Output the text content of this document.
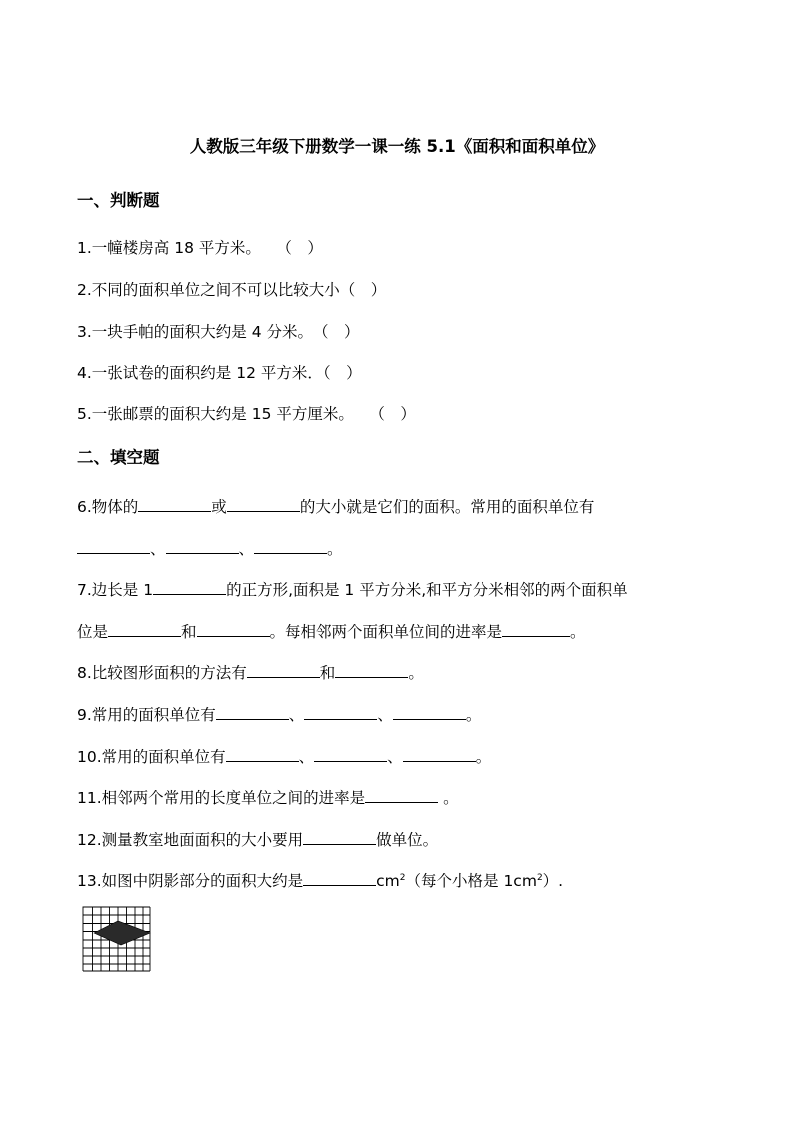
人教版三年级下册数学一课一练 5.1《面积和面积单位》
一、判断题
1.一幢楼房高 18 平方米。　　（　）
2.不同的面积单位之间不可以比较大小（　）
3.一块手帕的面积大约是 4 分米。　（　）
4.一张试卷的面积约是 12 平方米．（　）
5.一张邮票的面积大约是 15 平方厘米。　　（　）
二、填空题
6.物体的	或	的大小就是它们的面积。常用的面积单位有
、	、	。
7.边长是 1	的正方形,面积是 1 平方分米,和平方分米相邻的两个面积单
位是	和	。每相邻两个面积单位间的进率是	。
8.比较图形面积的方法有	和	。
9.常用的面积单位有	、	、	。
10.常用的面积单位有	、	、	。
11.相邻两个常用的长度单位之间的进率是	。
12.测量教室地面面积的大小要用	做单位。
13.如图中阴影部分的面积大约是	$cm^2$（每个小格是 $1cm^2$）.
